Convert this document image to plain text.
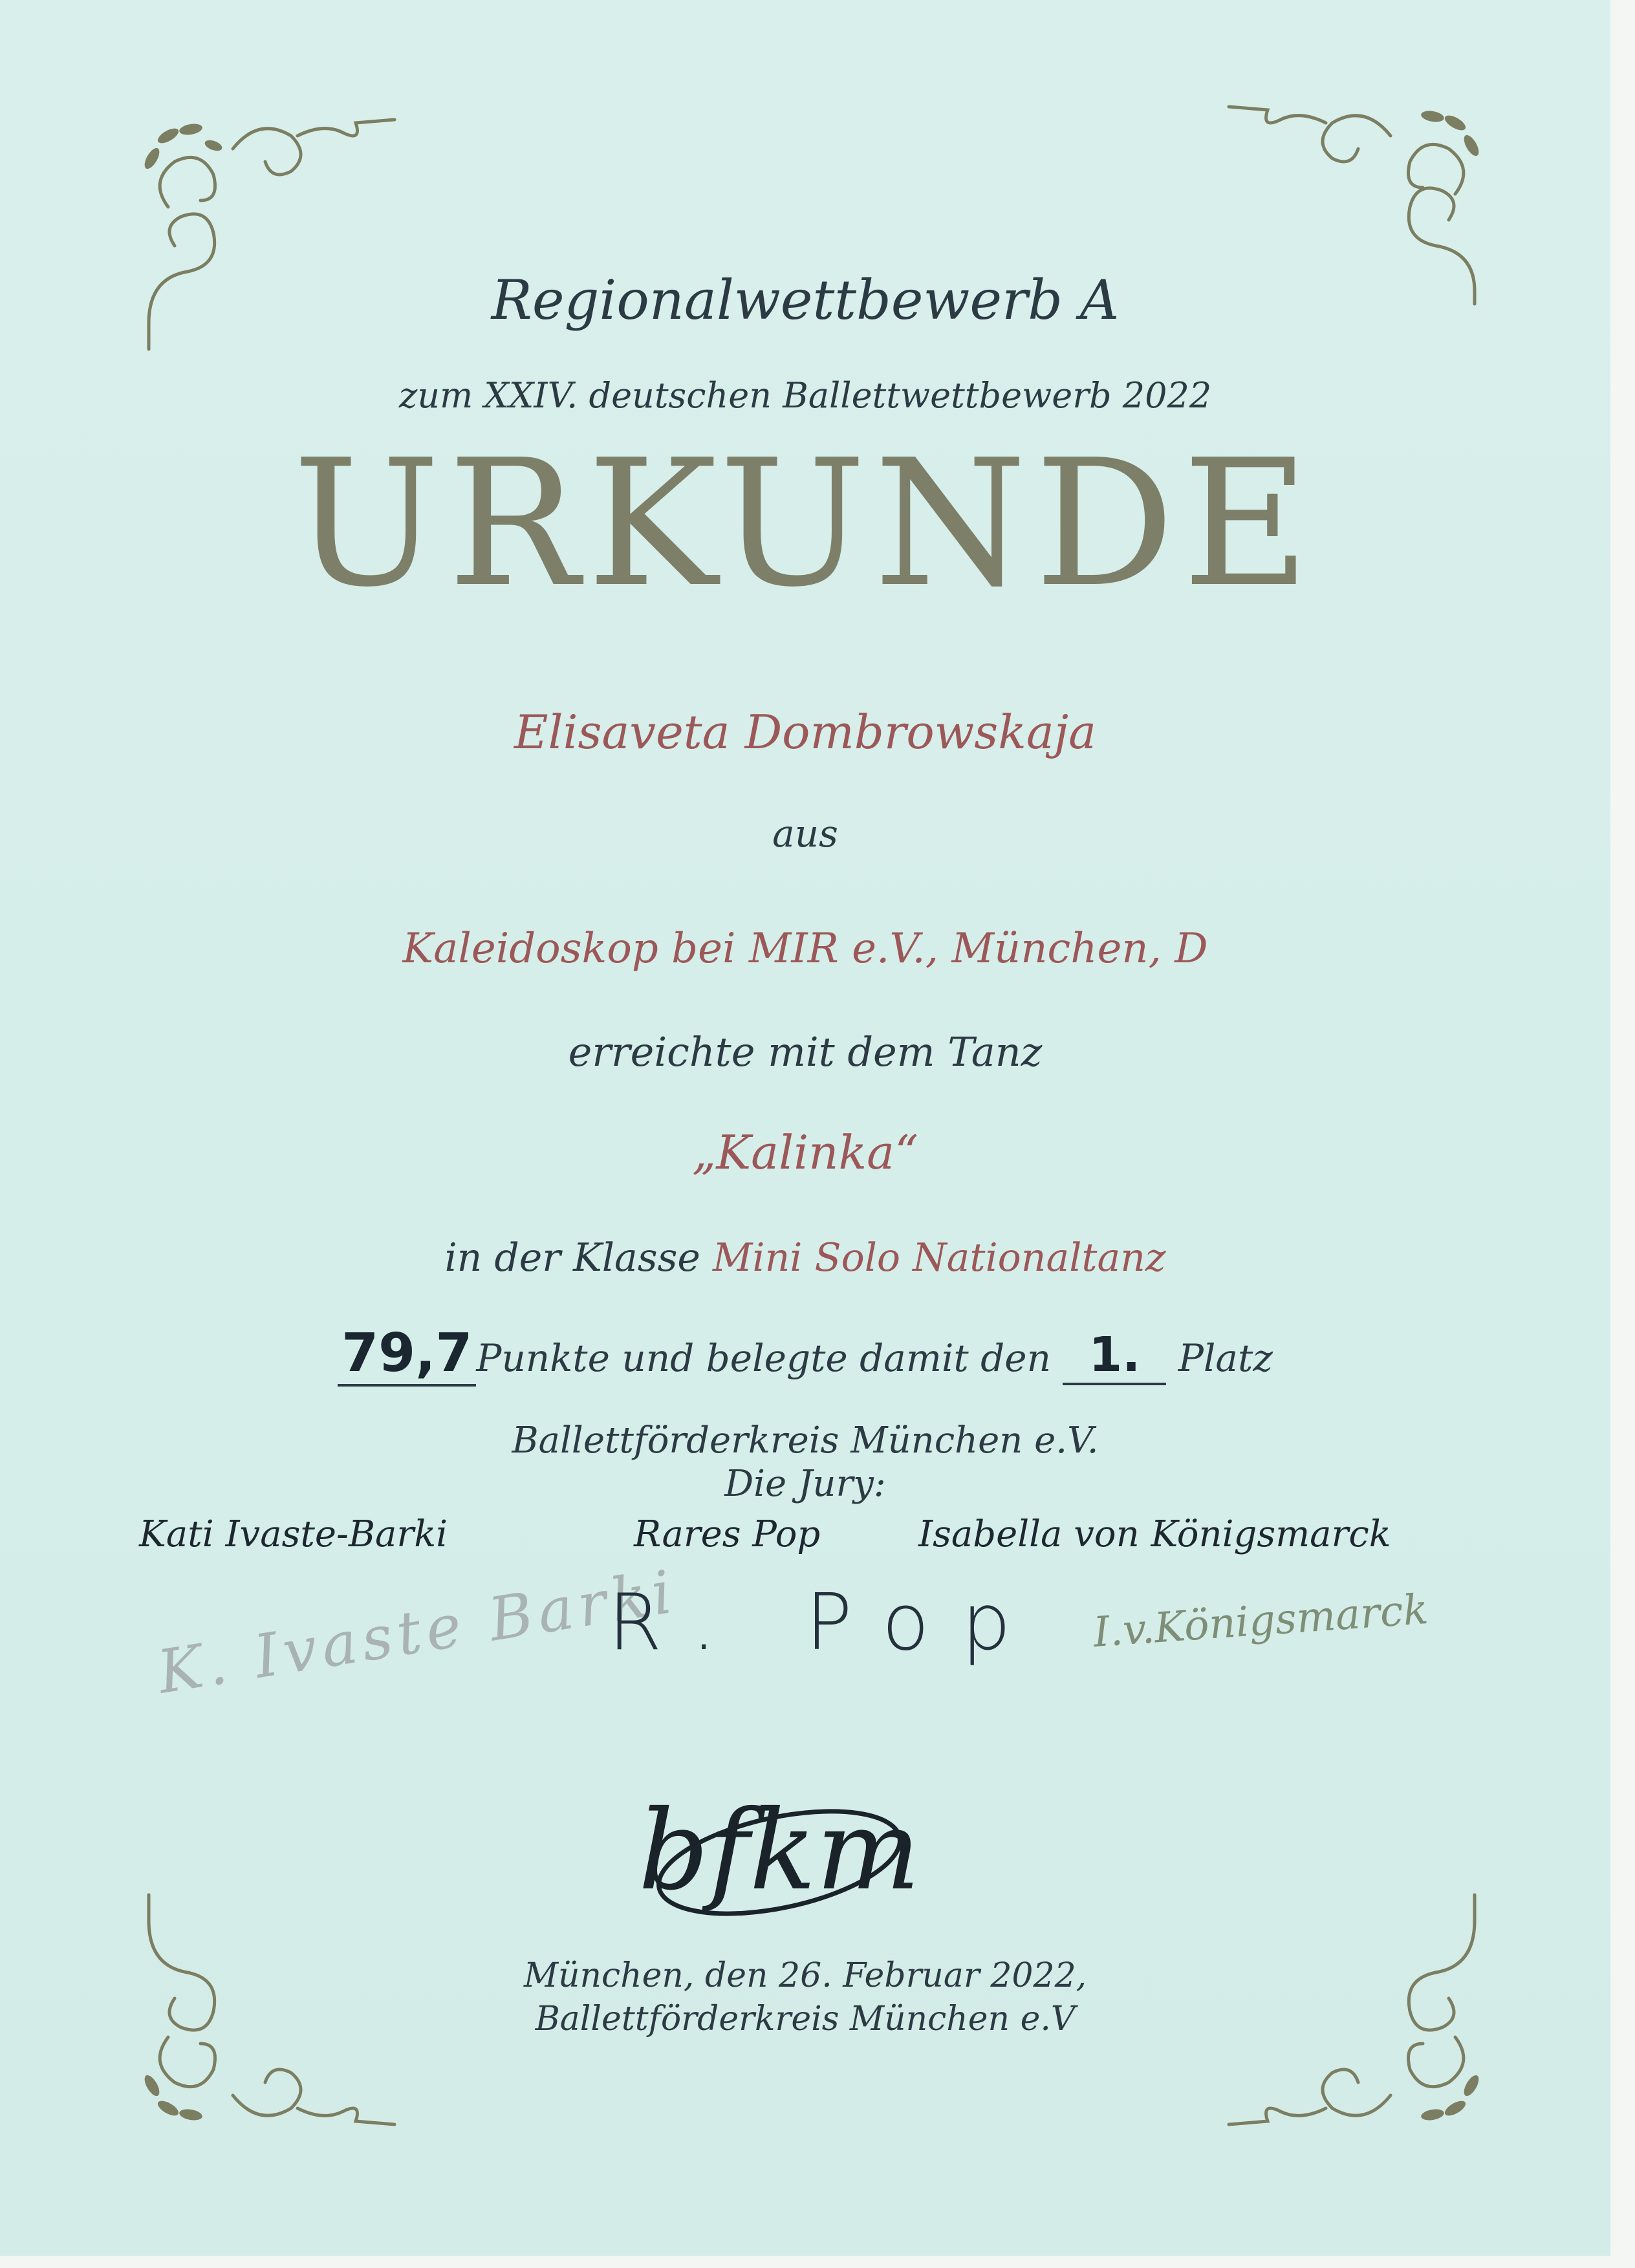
Regionalwettbewerb A
zum XXIV. deutschen Ballettwettbewerb 2022
URKUNDE
Elisaveta Dombrowskaja
aus
Kaleidoskop bei MIR e.V., München, D
erreichte mit dem Tanz
„Kalinka“
in der Klasse Mini Solo Nationaltanz
79,7 Punkte und belegte damit den 1. Platz
Ballettförderkreis München e.V.
Die Jury:
Kati Ivaste-Barki	Rares Pop	Isabella von Königsmarck
K. Ivaste Barki
R. Pop I.v.Königsmarck
bfkm
München, den 26. Februar 2022,
Ballettförderkreis München e.V
